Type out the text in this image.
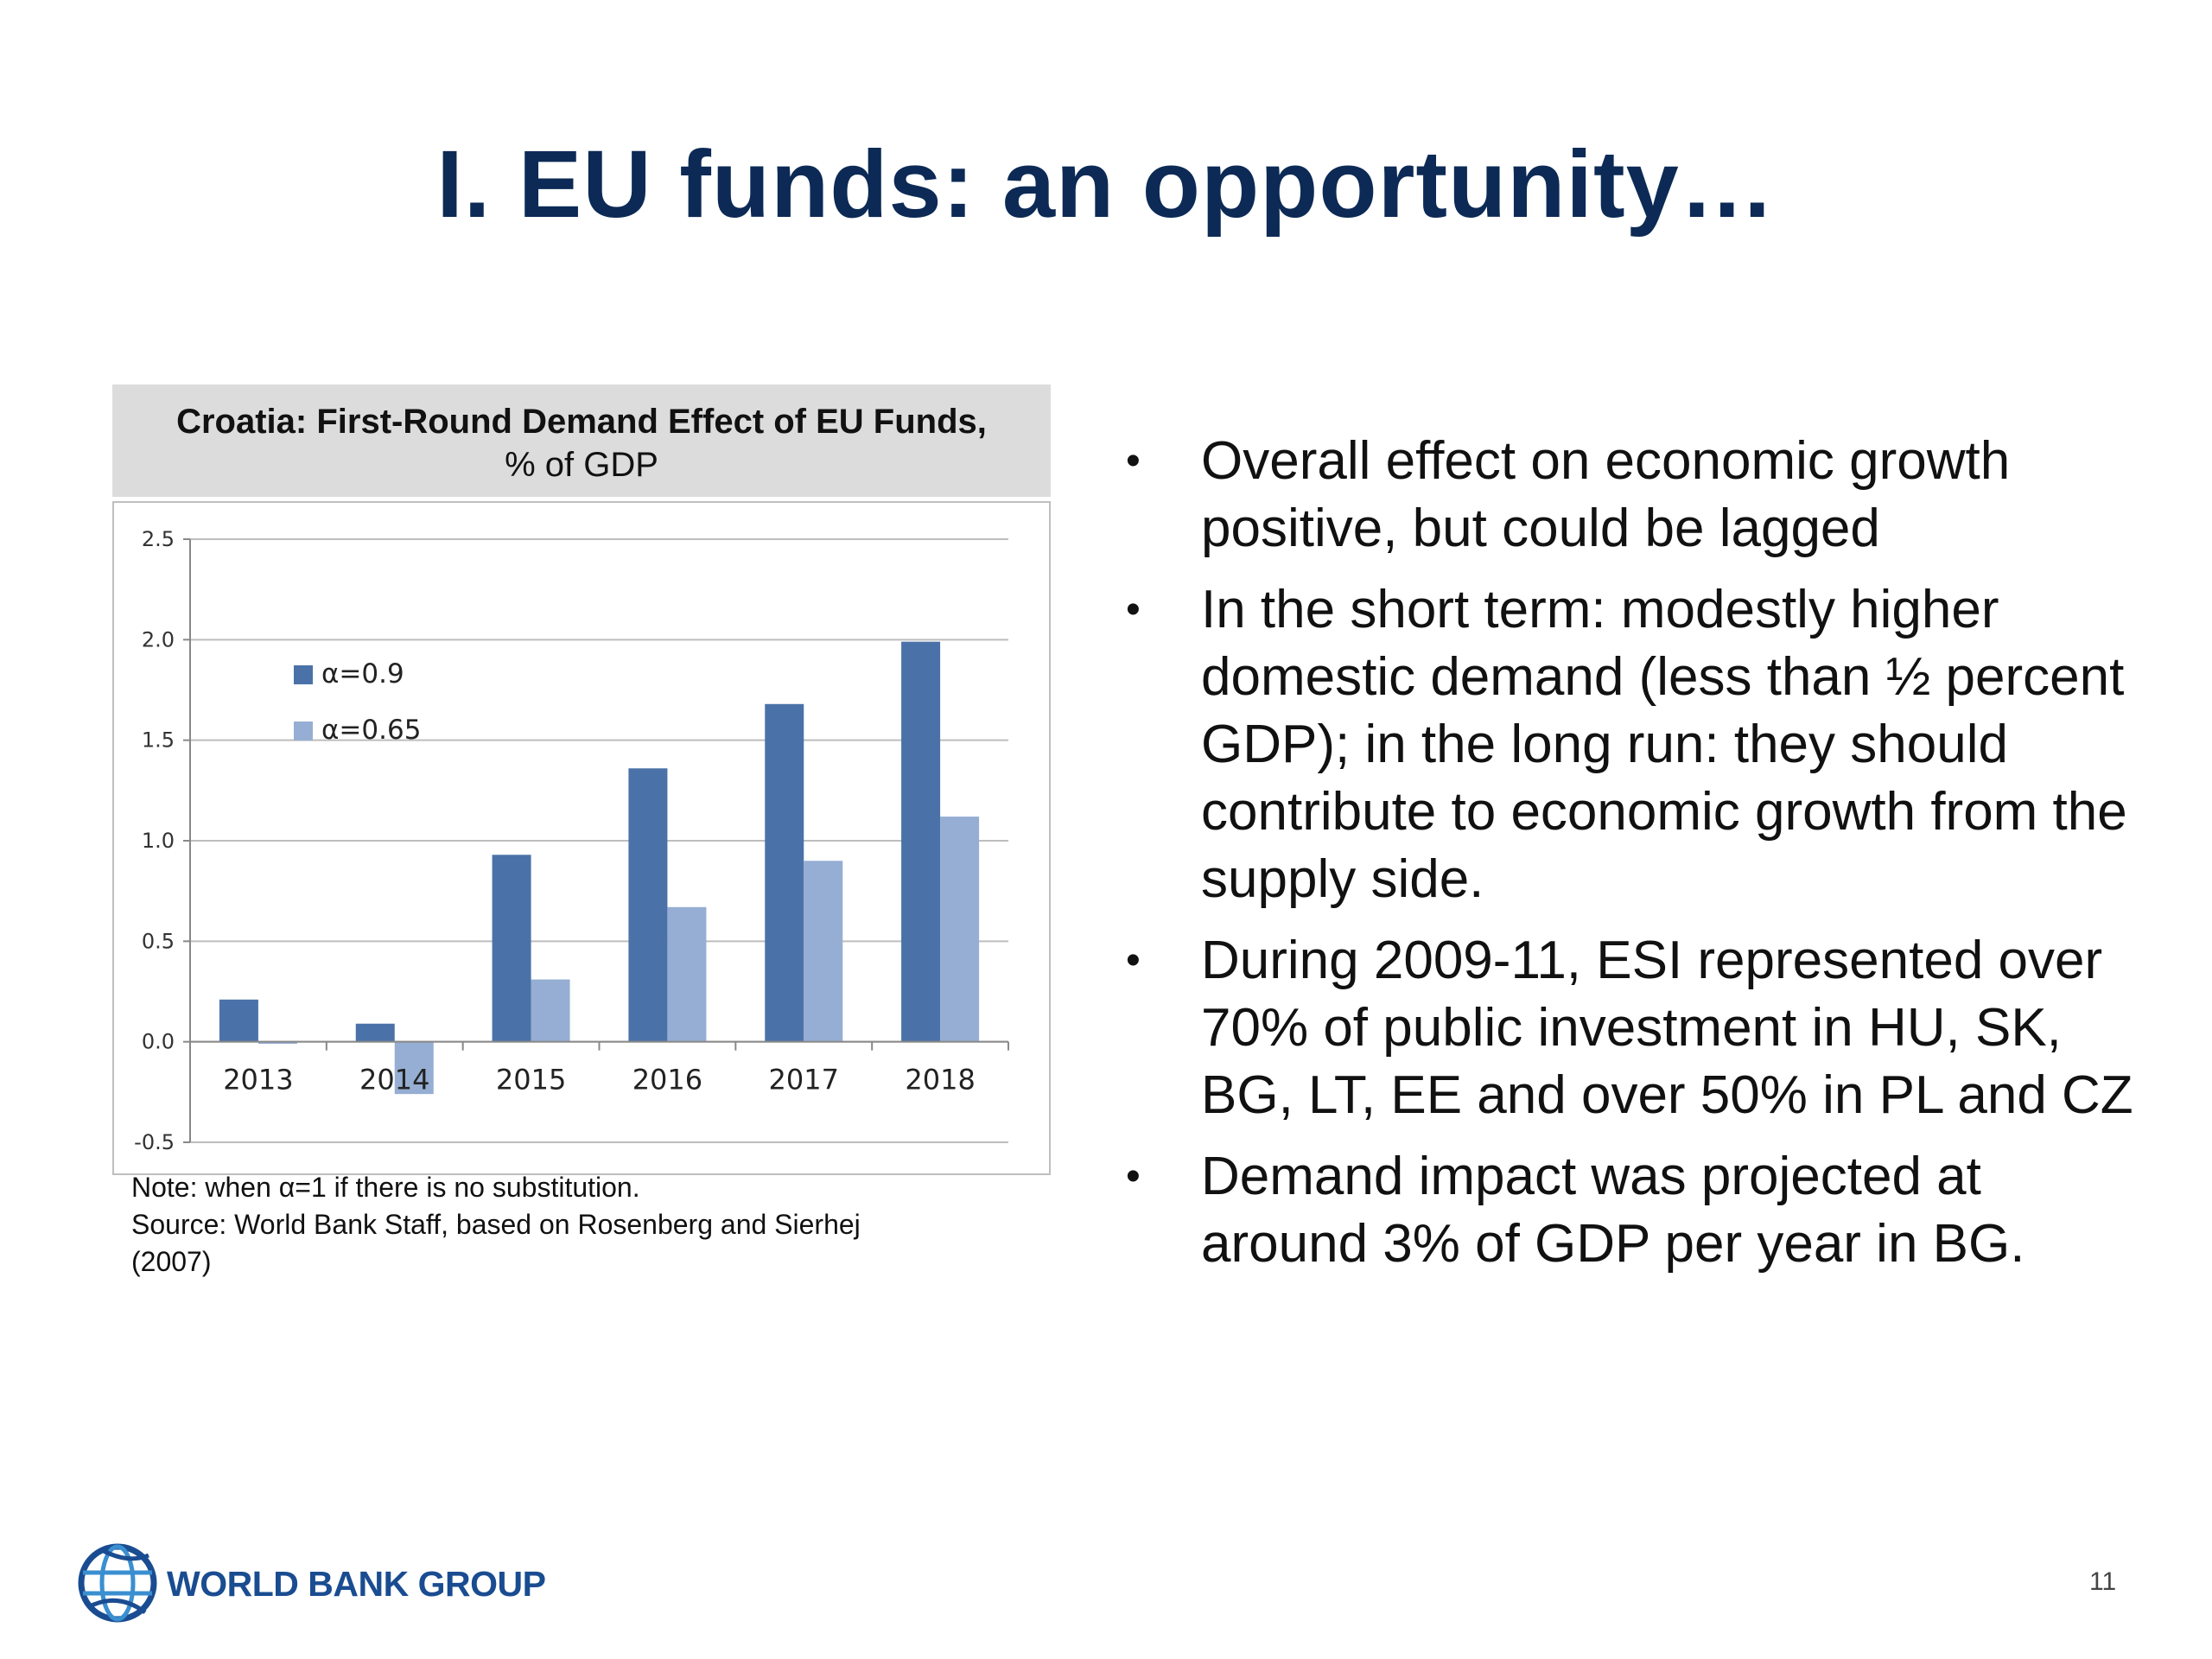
I. EU funds: an opportunity…
Croatia: First-Round Demand Effect of EU Funds,
% of GDP
-0.5
0.0
0.5
1.0
1.5
2.0
2.5
2013 2014 2015 2016 2017 2018
α=0.9
α=0.65
Note: when α=1 if there is no substitution.
Source: World Bank Staff, based on Rosenberg and Sierhej
(2007)
• Overall effect on economic growth positive, but could be lagged
• In the short term: modestly higher domestic demand (less than ½ percent GDP); in the long run: they should contribute to economic growth from the supply side.
• During 2009-11, ESI represented over 70% of public investment in HU, SK, BG, LT, EE and over 50% in PL and CZ
• Demand impact was projected at around 3% of GDP per year in BG.
WORLD BANK GROUP	11
